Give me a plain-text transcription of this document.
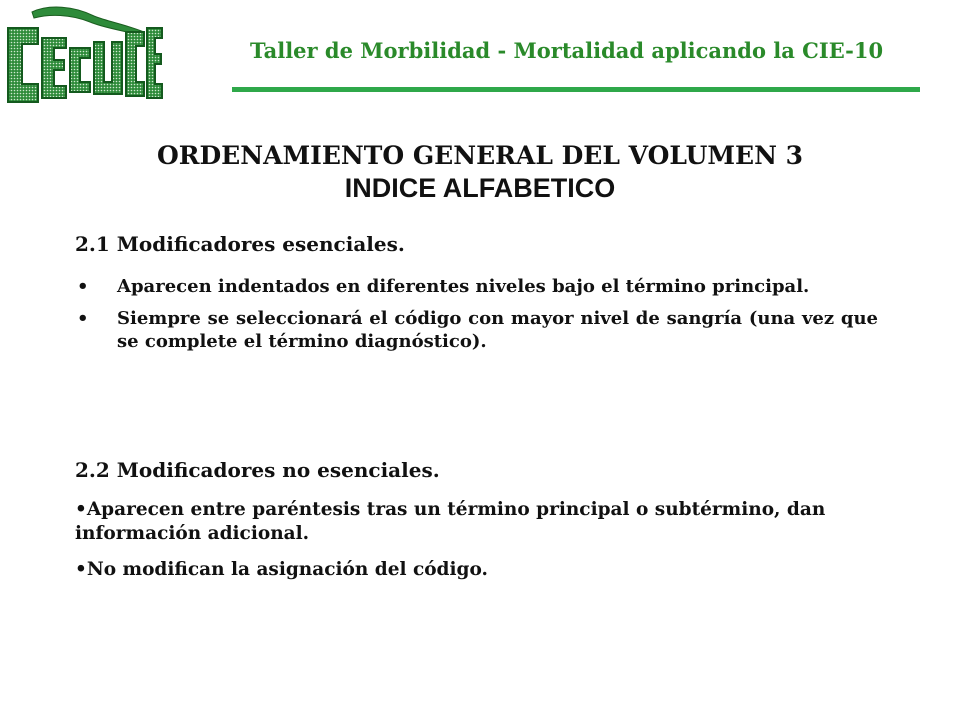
Taller de Morbilidad - Mortalidad aplicando la CIE-10
ORDENAMIENTO GENERAL DEL VOLUMEN 3
INDICE ALFABETICO
2.1 Modificadores esenciales.
• Aparecen indentados en diferentes niveles bajo el término principal.
• Siempre se seleccionará el código con mayor nivel de sangría (una vez que se complete el término diagnóstico).
2.2 Modificadores no esenciales.
•Aparecen entre paréntesis tras un término principal o subtérmino, dan información adicional.
•No modifican la asignación del código.
